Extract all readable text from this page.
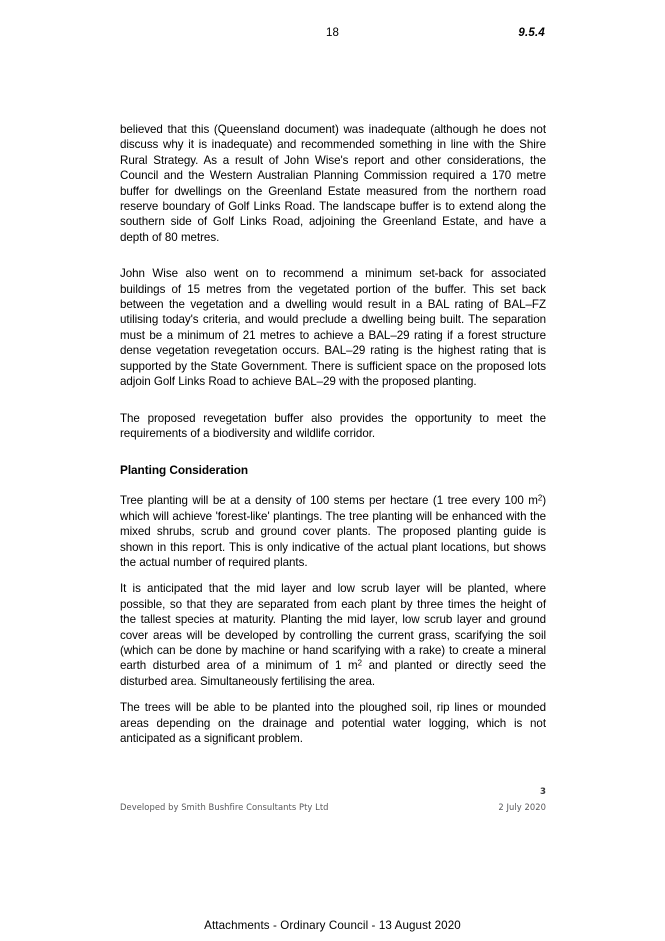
18	9.5.4

believed that this (Queensland document) was inadequate (although he does not discuss why it is inadequate) and recommended something in line with the Shire Rural Strategy. As a result of John Wise's report and other considerations, the Council and the Western Australian Planning Commission required a 170 metre buffer for dwellings on the Greenland Estate measured from the northern road reserve boundary of Golf Links Road. The landscape buffer is to extend along the southern side of Golf Links Road, adjoining the Greenland Estate, and have a depth of 80 metres.

John Wise also went on to recommend a minimum set-back for associated buildings of 15 metres from the vegetated portion of the buffer. This set back between the vegetation and a dwelling would result in a BAL rating of BAL–FZ utilising today's criteria, and would preclude a dwelling being built. The separation must be a minimum of 21 metres to achieve a BAL–29 rating if a forest structure dense vegetation revegetation occurs. BAL–29 rating is the highest rating that is supported by the State Government. There is sufficient space on the proposed lots adjoin Golf Links Road to achieve BAL–29 with the proposed planting.

The proposed revegetation buffer also provides the opportunity to meet the requirements of a biodiversity and wildlife corridor.

Planting Consideration

Tree planting will be at a density of 100 stems per hectare (1 tree every 100 $m^2$) which will achieve 'forest-like' plantings. The tree planting will be enhanced with the mixed shrubs, scrub and ground cover plants. The proposed planting guide is shown in this report. This is only indicative of the actual plant locations, but shows the actual number of required plants.

It is anticipated that the mid layer and low scrub layer will be planted, where possible, so that they are separated from each plant by three times the height of the tallest species at maturity. Planting the mid layer, low scrub layer and ground cover areas will be developed by controlling the current grass, scarifying the soil (which can be done by machine or hand scarifying with a rake) to create a mineral earth disturbed area of a minimum of 1 $m^2$ and planted or directly seed the disturbed area. Simultaneously fertilising the area.

The trees will be able to be planted into the ploughed soil, rip lines or mounded areas depending on the drainage and potential water logging, which is not anticipated as a significant problem.

Developed by Smith Bushfire Consultants Pty Ltd
3
2 July 2020
Attachments - Ordinary Council - 13 August 2020
